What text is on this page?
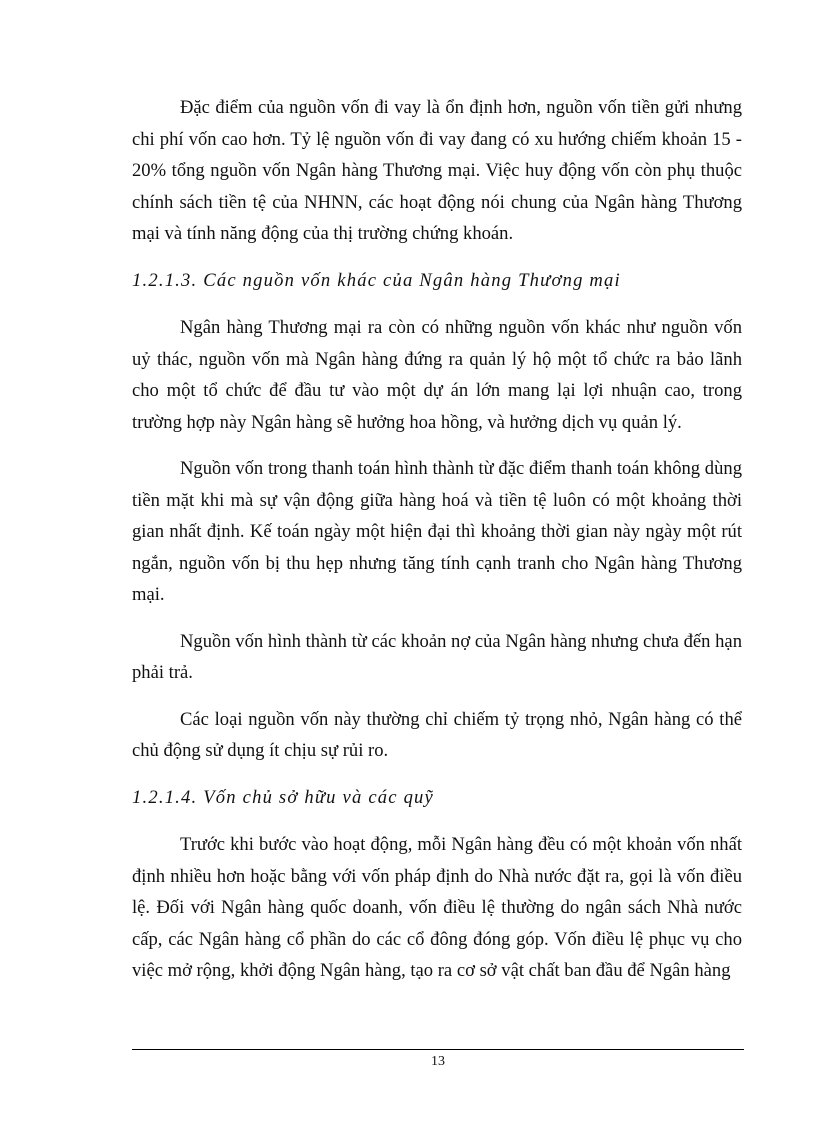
Đặc điểm của nguồn vốn đi vay là ổn định hơn, nguồn vốn tiền gửi nhưng chi phí vốn cao hơn. Tỷ lệ nguồn vốn đi vay đang có xu hướng chiếm khoản 15 - 20% tổng nguồn vốn Ngân hàng Thương mại. Việc huy động vốn còn phụ thuộc chính sách tiền tệ của NHNN, các hoạt động nói chung của Ngân hàng Thương mại và tính năng động của thị trường chứng khoán.

1.2.1.3. Các nguồn vốn khác của Ngân hàng Thương mại

Ngân hàng Thương mại ra còn có những nguồn vốn khác như nguồn vốn uỷ thác, nguồn vốn mà Ngân hàng đứng ra quản lý hộ một tổ chức ra bảo lãnh cho một tổ chức để đầu tư vào một dự án lớn mang lại lợi nhuận cao, trong trường hợp này Ngân hàng sẽ hưởng hoa hồng, và hưởng dịch vụ quản lý.

Nguồn vốn trong thanh toán hình thành từ đặc điểm thanh toán không dùng tiền mặt khi mà sự vận động giữa hàng hoá và tiền tệ luôn có một khoảng thời gian nhất định. Kế toán ngày một hiện đại thì khoảng thời gian này ngày một rút ngắn, nguồn vốn bị thu hẹp nhưng tăng tính cạnh tranh cho Ngân hàng Thương mại.

Nguồn vốn hình thành từ các khoản nợ của Ngân hàng nhưng chưa đến hạn phải trả.

Các loại nguồn vốn này thường chỉ chiếm tỷ trọng nhỏ, Ngân hàng có thể chủ động sử dụng ít chịu sự rủi ro.

1.2.1.4. Vốn chủ sở hữu và các quỹ

Trước khi bước vào hoạt động, mỗi Ngân hàng đều có một khoản vốn nhất định nhiều hơn hoặc bằng với vốn pháp định do Nhà nước đặt ra, gọi là vốn điều lệ. Đối với Ngân hàng quốc doanh, vốn điều lệ thường do ngân sách Nhà nước cấp, các Ngân hàng cổ phần do các cổ đông đóng góp. Vốn điều lệ phục vụ cho việc mở rộng, khởi động Ngân hàng, tạo ra cơ sở vật chất ban đầu để Ngân hàng

13
